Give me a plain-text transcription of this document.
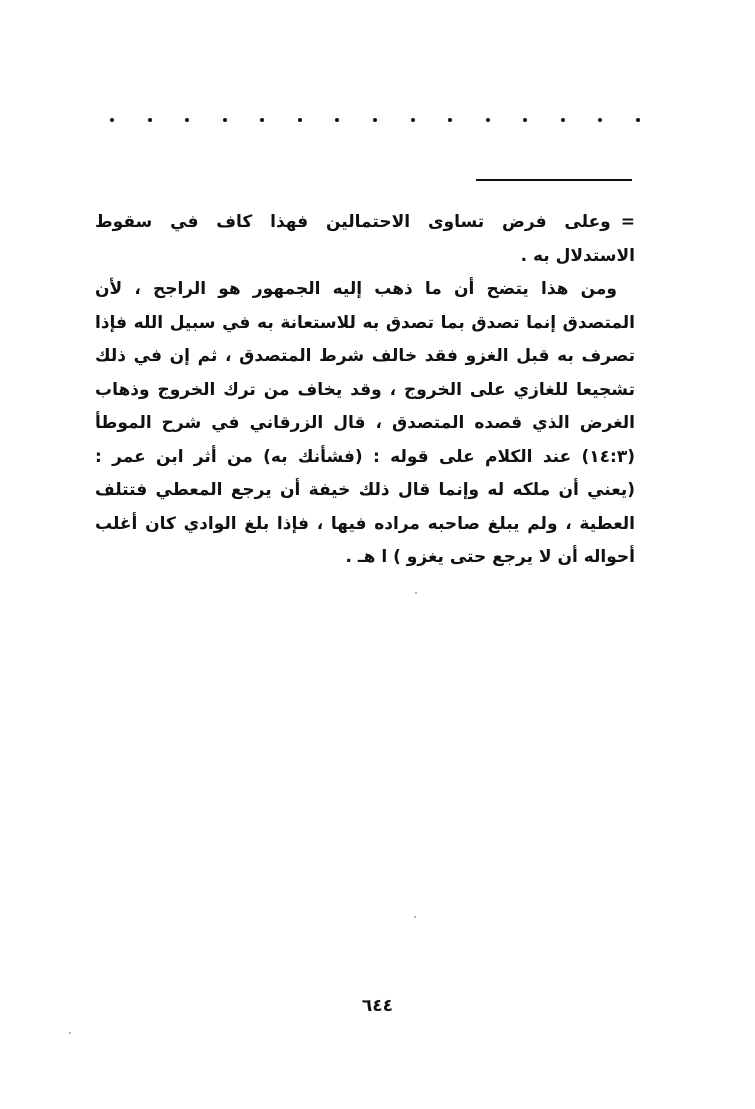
=وعلى فرض تساوى الاحتمالين فهذا كاف في سقوط الاستدلال به .

ومن هذا يتضح أن ما ذهب إليه الجمهور هو الراجح ، لأن المتصدق إنما تصدق بما تصدق به للاستعانة به في سبيل الله فإذا تصرف به قبل الغزو فقد خالف شرط المتصدق ، ثم إن في ذلك تشجيعا للغازي على الخروج ، وقد يخاف من ترك الخروج وذهاب الغرض الذي قصده المتصدق ، قال الزرقاني في شرح الموطأ (١٤:٣) عند الكلام على قوله : (فشأنك به) من أثر ابن عمر : (يعني أن ملكه له وإنما قال ذلك خيفة أن يرجع المعطي فتتلف العطية ، ولم يبلغ صاحبه مراده فيها ، فإذا بلغ الوادي كان أغلب أحواله أن لا يرجع حتى يغزو ) ا هـ .

٦٤٤
